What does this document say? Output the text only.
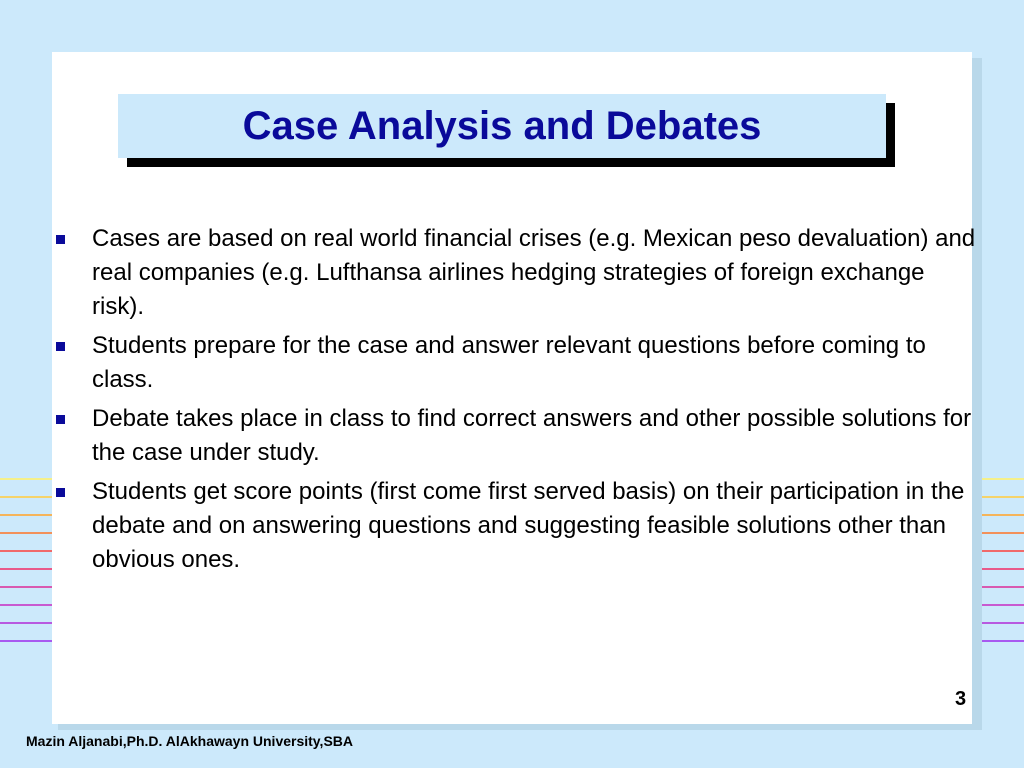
Case Analysis and Debates
Cases are based on real world financial crises (e.g. Mexican peso devaluation) and real companies (e.g. Lufthansa airlines hedging strategies of foreign exchange risk).
Students prepare for the case and answer relevant questions before coming to class.
Debate takes place in class to find correct answers and other possible solutions for the case under study.
Students get score points (first come first served basis) on their participation in the debate and on answering questions and suggesting feasible solutions other than obvious ones.
3
Mazin Aljanabi,Ph.D. AlAkhawayn University,SBA
